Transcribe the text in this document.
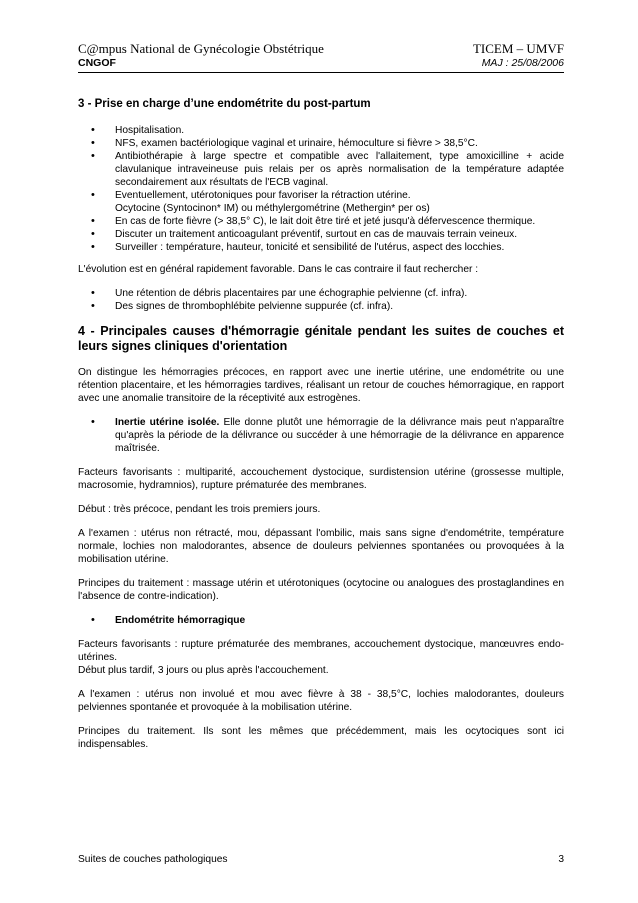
C@mpus National de Gynécologie Obstétrique	TICEM – UMVF
CNGOF	MAJ : 25/08/2006
3 - Prise en charge d’une endométrite du post-partum
• Hospitalisation.
• NFS, examen bactériologique vaginal et urinaire, hémoculture si fièvre > 38,5°C.
• Antibiothérapie à large spectre et compatible avec l'allaitement, type amoxicilline + acide clavulanique intraveineuse puis relais per os après normalisation de la température adaptée secondairement aux résultats de l'ECB vaginal.
• Eventuellement, utérotoniques pour favoriser la rétraction utérine.
Ocytocine (Syntocinon* IM) ou méthylergométrine (Methergin* per os)
• En cas de forte fièvre (> 38,5° C), le lait doit être tiré et jeté jusqu'à défervescence thermique.
• Discuter un traitement anticoagulant préventif, surtout en cas de mauvais terrain veineux.
• Surveiller : température, hauteur, tonicité et sensibilité de l'utérus, aspect des locchies.

L'évolution est en général rapidement favorable. Dans le cas contraire il faut rechercher :

• Une rétention de débris placentaires par une échographie pelvienne (cf. infra).
• Des signes de thrombophlébite pelvienne suppurée (cf. infra).
4 - Principales causes d'hémorragie génitale pendant les suites de couches et leurs signes cliniques d'orientation

On distingue les hémorragies précoces, en rapport avec une inertie utérine, une endométrite ou une rétention placentaire, et les hémorragies tardives, réalisant un retour de couches hémorragique, en rapport avec une anomalie transitoire de la réceptivité aux estrogènes.

• Inertie utérine isolée. Elle donne plutôt une hémorragie de la délivrance mais peut n'apparaître qu'après la période de la délivrance ou succéder à une hémorragie de la délivrance en apparence maîtrisée.

Facteurs favorisants : multiparité, accouchement dystocique, surdistension utérine (grossesse multiple, macrosomie, hydramnios), rupture prématurée des membranes.

Début : très précoce, pendant les trois premiers jours.

A l'examen : utérus non rétracté, mou, dépassant l'ombilic, mais sans signe d'endométrite, température normale, lochies non malodorantes, absence de douleurs pelviennes spontanées ou provoquées à la mobilisation utérine.

Principes du traitement : massage utérin et utérotoniques (ocytocine ou analogues des prostaglandines en l'absence de contre-indication).

• Endométrite hémorragique

Facteurs favorisants : rupture prématurée des membranes, accouchement dystocique, manœuvres endo-utérines.

Début plus tardif, 3 jours ou plus après l'accouchement.

A l'examen : utérus non involué et mou avec fièvre à 38 - 38,5°C, lochies malodorantes, douleurs pelviennes spontanée et provoquée à la mobilisation utérine.

Principes du traitement. Ils sont les mêmes que précédemment, mais les ocytociques sont ici indispensables.

Suites de couches pathologiques	3
